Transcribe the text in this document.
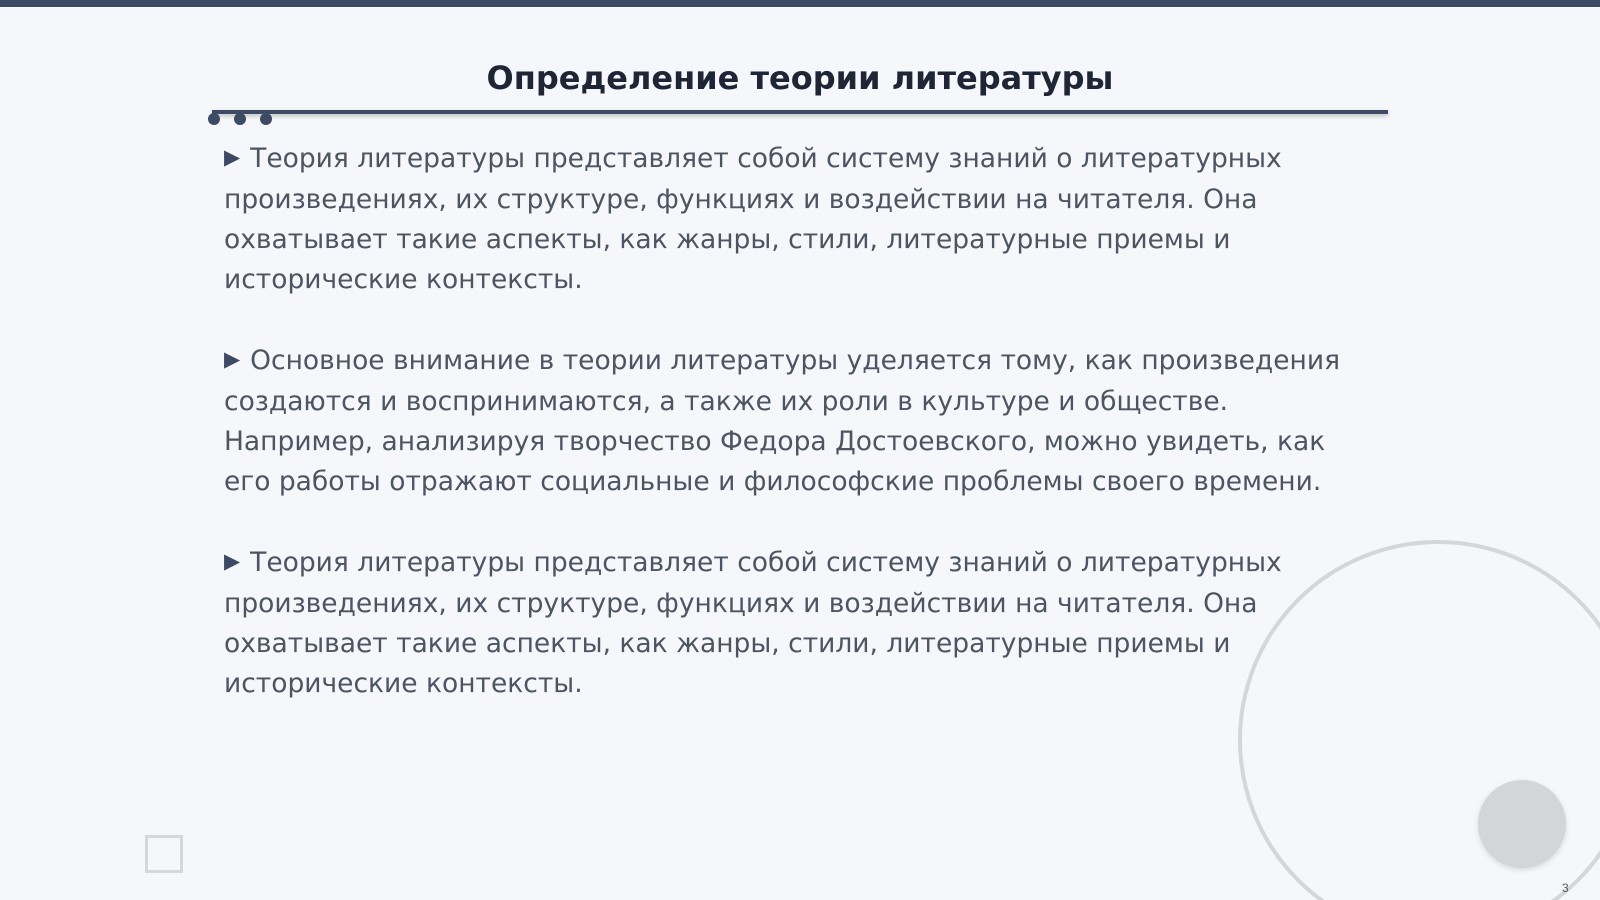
Определение теории литературы

▶ Теория литературы представляет собой систему знаний о литературных произведениях, их структуре, функциях и воздействии на читателя. Она охватывает такие аспекты, как жанры, стили, литературные приемы и исторические контексты.

▶ Основное внимание в теории литературы уделяется тому, как произведения создаются и воспринимаются, а также их роли в культуре и обществе. Например, анализируя творчество Федора Достоевского, можно увидеть, как его работы отражают социальные и философские проблемы своего времени.

▶ Теория литературы представляет собой систему знаний о литературных произведениях, их структуре, функциях и воздействии на читателя. Она охватывает такие аспекты, как жанры, стили, литературные приемы и исторические контексты.

3
